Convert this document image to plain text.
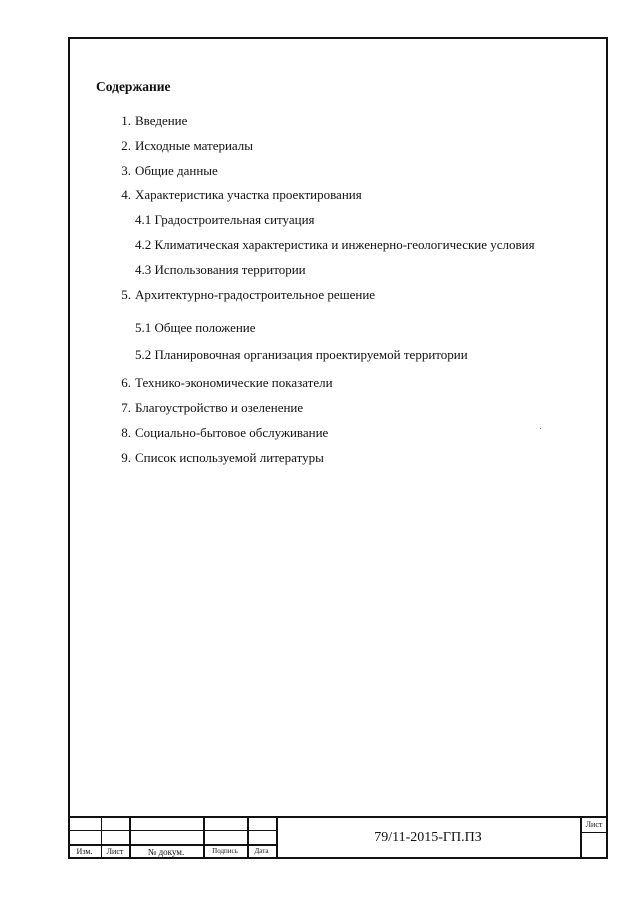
Содержание
1. Введение
2. Исходные материалы
3. Общие данные
4. Характеристика участка проектирования
4.1 Градостроительная ситуация
4.2 Климатическая характеристика и инженерно-геологические условия
4.3 Использования территории
5. Архитектурно-градостроительное решение
5.1 Общее положение
5.2 Планировочная организация проектируемой территории
6. Технико-экономические показатели
7. Благоустройство и озеленение
8. Социально-бытовое обслуживание
9. Список используемой литературы
Изм.	Лист	№ докум.	Подпись	Дата
79/11-2015-ГП.ПЗ
Лист
